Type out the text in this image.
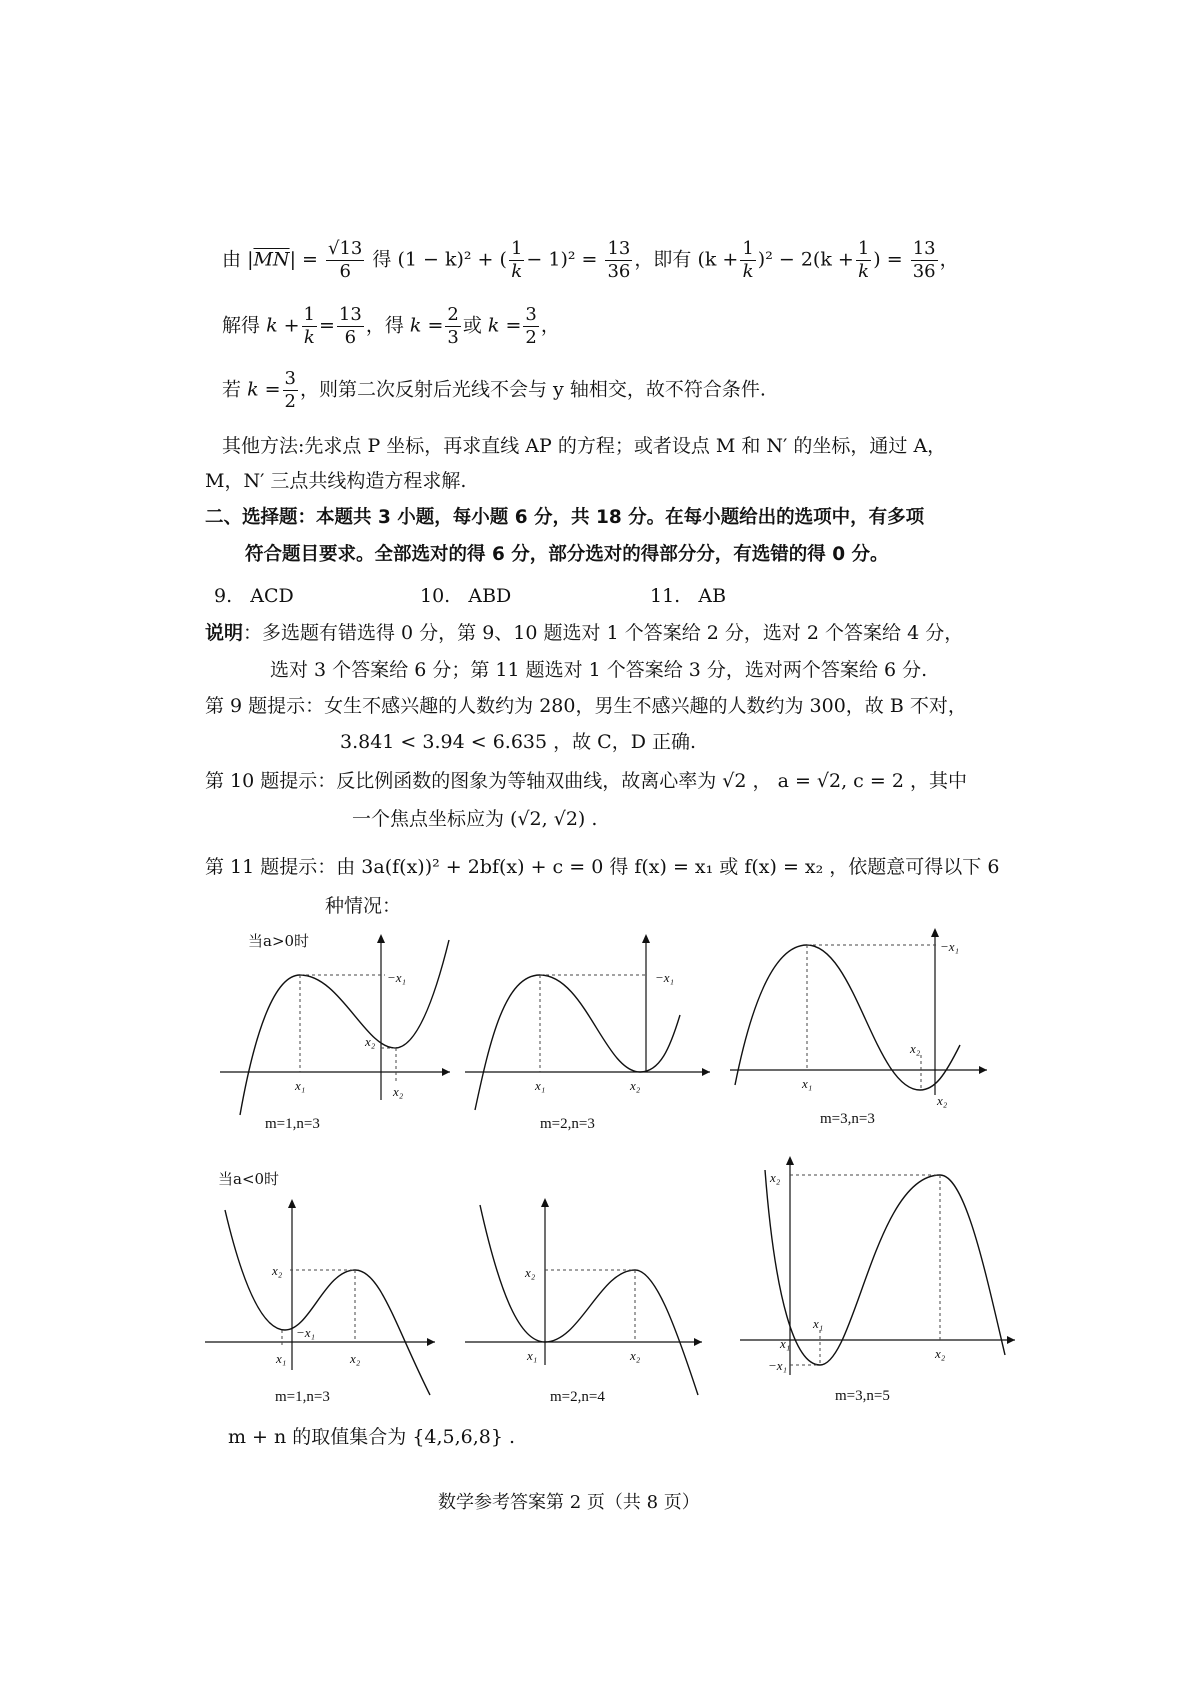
由 $|\overline{MN}| = \frac{√13}{6}$ 得 (1 − k)² + ( $\frac{1}{k} - 1)^2 = \frac{13}{36}$ ，即有 $(k + \frac{1}{k} )^2 - 2(k + \frac{1}{k}$ ) = $\frac{13}{36}$ ，
解得 $k + \frac{1}{k} = \frac{13}{6}$ ，得 $k = \frac{2}{3}$ 或 $k = \frac{3}{2}$ ，
若 $k = \frac{3}{2}$ ，则第二次反射后光线不会与 y 轴相交，故不符合条件.
其他方法:先求点 P 坐标，再求直线 AP 的方程；或者设点 M 和 N′ 的坐标，通过 A，
M，N′ 三点共线构造方程求解.
二、选择题：本题共 3 小题，每小题 6 分，共 18 分。在每小题给出的选项中，有多项
符合题目要求。全部选对的得 6 分，部分选对的得部分分，有选错的得 0 分。
9. ACD	10. ABD	11. AB
说明：多选题有错选得 0 分，第 9、10 题选对 1 个答案给 2 分，选对 2 个答案给 4 分，
选对 3 个答案给 6 分；第 11 题选对 1 个答案给 3 分，选对两个答案给 6 分.
第 9 题提示：女生不感兴趣的人数约为 280，男生不感兴趣的人数约为 300，故 B 不对，
3.841 < 3.94 < 6.635 ，故 C，D 正确.
第 10 题提示：反比例函数的图象为等轴双曲线，故离心率为 √2 ， a = √2, c = 2 ，其中
一个焦点坐标应为 (√2, √2) .
第 11 题提示：由 3a(f(x))² + 2bf(x) + c = 0 得 f(x) = x₁ 或 f(x) = x₂ ，依题意可得以下 6
种情况：
当a>0时
当a<0时
x₁	x₂
x₂
−x₁
m=1,n=3
x₁	x₂
−x₁
m=2,n=3
x₁
x₂
x₂
−x₁
m=3,n=3
x₁	x₂
x₂
−x₁
m=1,n=3
x₁	x₂
x₂
m=2,n=4
x₁
x₂
x₂
x₁
−x₁
m=3,n=5
m + n 的取值集合为 {4,5,6,8} .
数学参考答案第 2 页（共 8 页）
